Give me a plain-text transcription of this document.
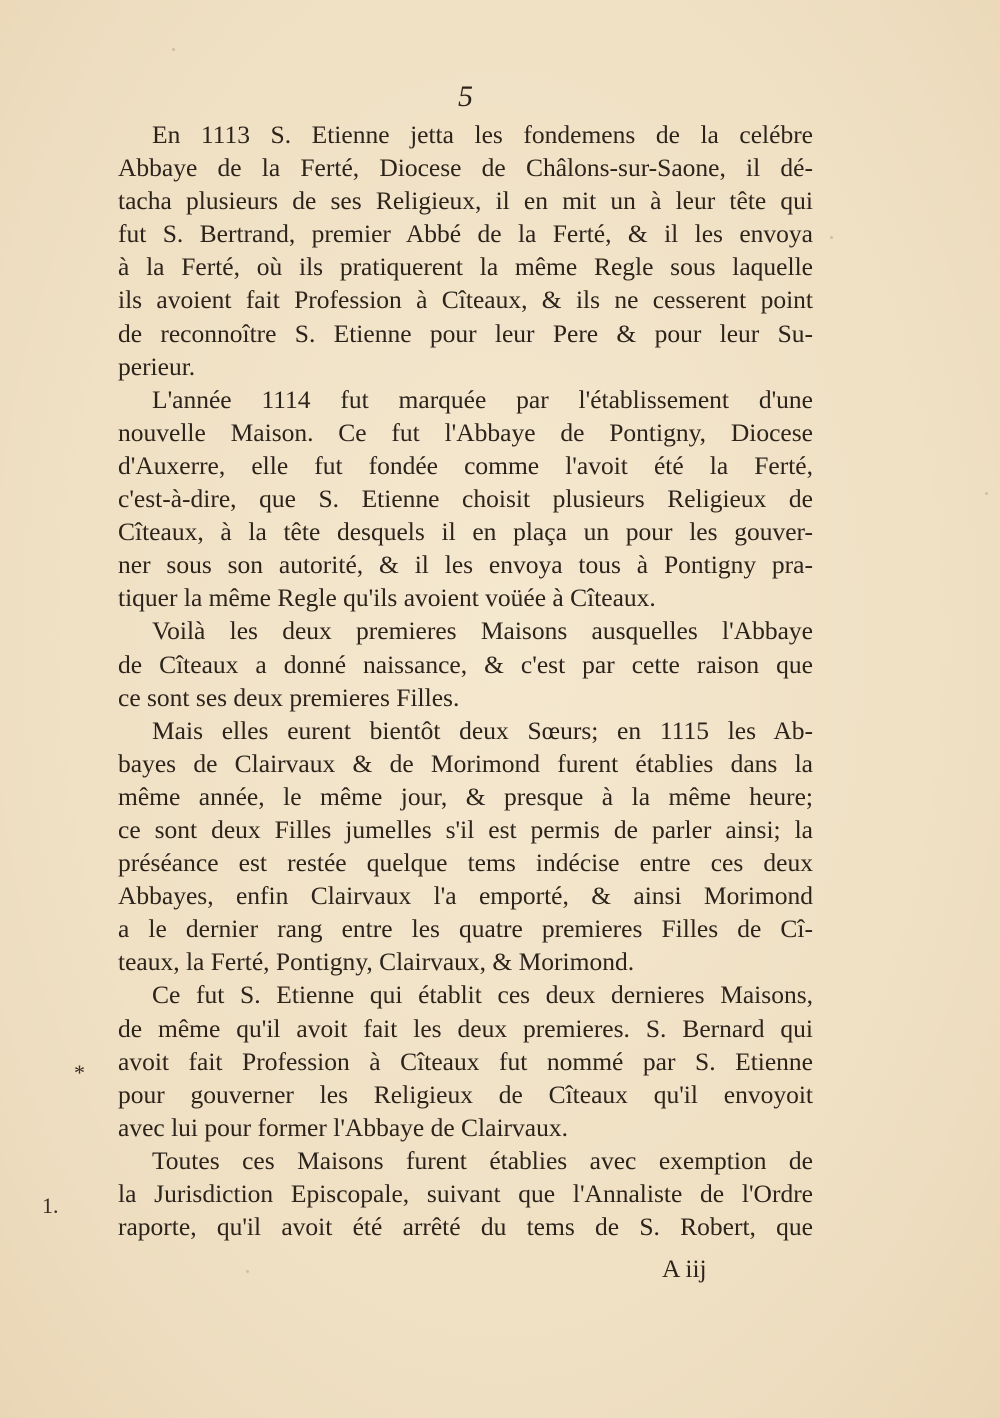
5
En 1113 S. Etienne jetta les fondemens de la celébre
Abbaye de la Ferté, Diocese de Châlons-sur-Saone, il dé-
tacha plusieurs de ses Religieux, il en mit un à leur tête qui
fut S. Bertrand, premier Abbé de la Ferté, & il les envoya
à la Ferté, où ils pratiquerent la même Regle sous laquelle
ils avoient fait Profession à Cîteaux, & ils ne cesserent point
de reconnoître S. Etienne pour leur Pere & pour leur Su-
perieur.
L'année 1114 fut marquée par l'établissement d'une
nouvelle Maison. Ce fut l'Abbaye de Pontigny, Diocese
d'Auxerre, elle fut fondée comme l'avoit été la Ferté,
c'est-à-dire, que S. Etienne choisit plusieurs Religieux de
Cîteaux, à la tête desquels il en plaça un pour les gouver-
ner sous son autorité, & il les envoya tous à Pontigny pra-
tiquer la même Regle qu'ils avoient voüée à Cîteaux.
Voilà les deux premieres Maisons ausquelles l'Abbaye
de Cîteaux a donné naissance, & c'est par cette raison que
ce sont ses deux premieres Filles.
Mais elles eurent bientôt deux Sœurs; en 1115 les Ab-
bayes de Clairvaux & de Morimond furent établies dans la
même année, le même jour, & presque à la même heure;
ce sont deux Filles jumelles s'il est permis de parler ainsi; la
préséance est restée quelque tems indécise entre ces deux
Abbayes, enfin Clairvaux l'a emporté, & ainsi Morimond
a le dernier rang entre les quatre premieres Filles de Cî-
teaux, la Ferté, Pontigny, Clairvaux, & Morimond.
Ce fut S. Etienne qui établit ces deux dernieres Maisons,
de même qu'il avoit fait les deux premieres. S. Bernard qui
avoit fait Profession à Cîteaux fut nommé par S. Etienne
pour gouverner les Religieux de Cîteaux qu'il envoyoit
avec lui pour former l'Abbaye de Clairvaux.
Toutes ces Maisons furent établies avec exemption de
la Jurisdiction Episcopale, suivant que l'Annaliste de l'Ordre
raporte, qu'il avoit été arrêté du tems de S. Robert, que
A iij
*
1.
